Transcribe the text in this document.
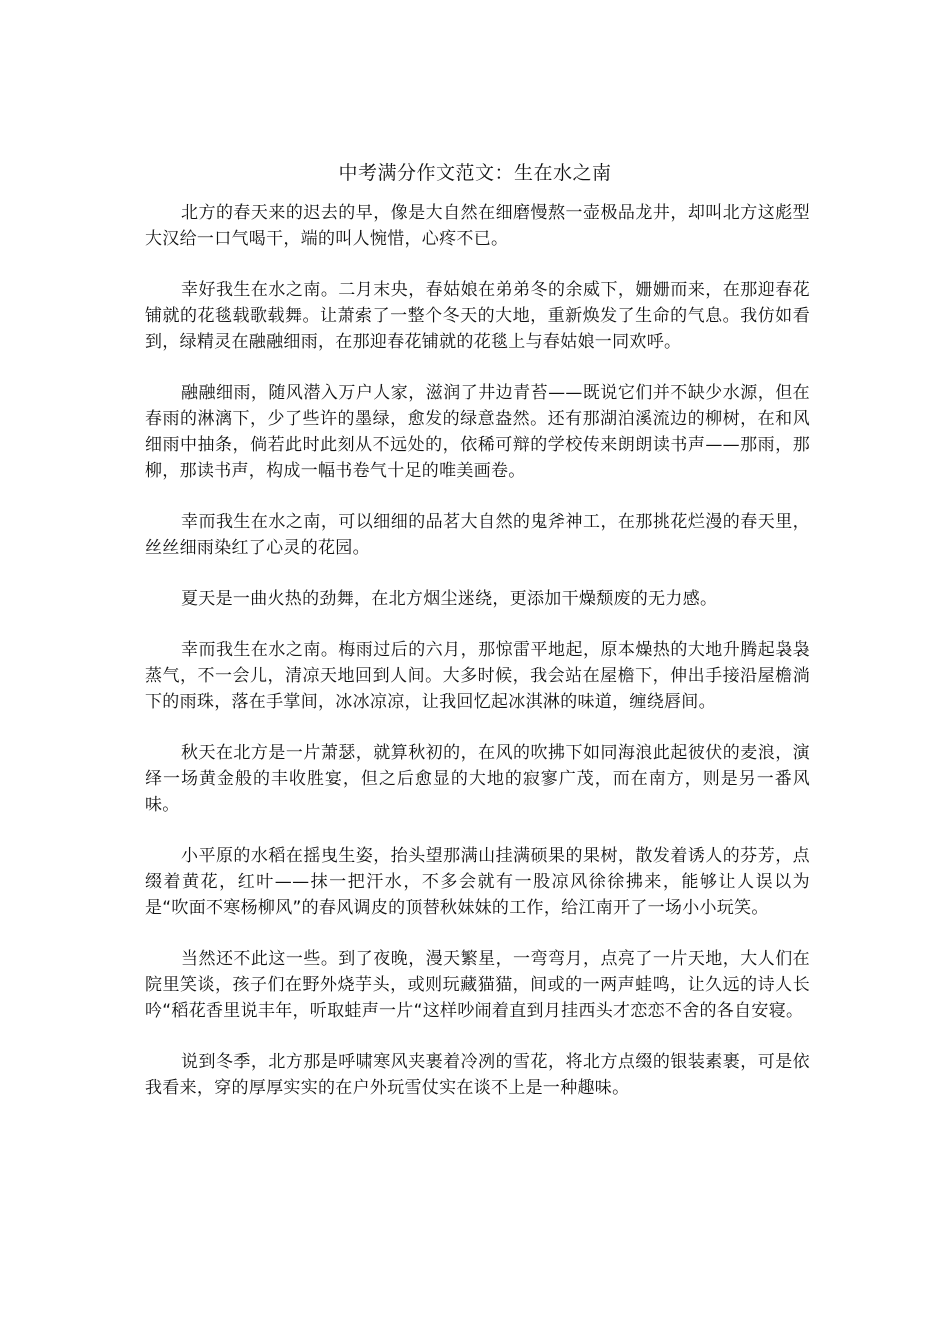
中考满分作文范文：生在水之南

北方的春天来的迟去的早，像是大自然在细磨慢熬一壶极品龙井，却叫北方这彪型大汉给一口气喝干，端的叫人惋惜，心疼不已。

幸好我生在水之南。二月末央，春姑娘在弟弟冬的余威下，姗姗而来，在那迎春花铺就的花毯载歌载舞。让萧索了一整个冬天的大地，重新焕发了生命的气息。我仿如看到，绿精灵在融融细雨，在那迎春花铺就的花毯上与春姑娘一同欢呼。

融融细雨，随风潜入万户人家，滋润了井边青苔——既说它们并不缺少水源，但在春雨的淋漓下，少了些许的墨绿，愈发的绿意盎然。还有那湖泊溪流边的柳树，在和风细雨中抽条，倘若此时此刻从不远处的，依稀可辩的学校传来朗朗读书声——那雨，那柳，那读书声，构成一幅书卷气十足的唯美画卷。

幸而我生在水之南，可以细细的品茗大自然的鬼斧神工，在那挑花烂漫的春天里，丝丝细雨染红了心灵的花园。

夏天是一曲火热的劲舞，在北方烟尘迷绕，更添加干燥颓废的无力感。

幸而我生在水之南。梅雨过后的六月，那惊雷平地起，原本燥热的大地升腾起袅袅蒸气，不一会儿，清凉天地回到人间。大多时候，我会站在屋檐下，伸出手接沿屋檐淌下的雨珠，落在手掌间，冰冰凉凉，让我回忆起冰淇淋的味道，缠绕唇间。

秋天在北方是一片萧瑟，就算秋初的，在风的吹拂下如同海浪此起彼伏的麦浪，演绎一场黄金般的丰收胜宴，但之后愈显的大地的寂寥广茂，而在南方，则是另一番风味。

小平原的水稻在摇曳生姿，抬头望那满山挂满硕果的果树，散发着诱人的芬芳，点缀着黄花，红叶——抹一把汗水，不多会就有一股凉风徐徐拂来，能够让人误以为是“吹面不寒杨柳风”的春风调皮的顶替秋妹妹的工作，给江南开了一场小小玩笑。

当然还不此这一些。到了夜晚，漫天繁星，一弯弯月，点亮了一片天地，大人们在院里笑谈，孩子们在野外烧芋头，或则玩藏猫猫，间或的一两声蛙鸣，让久远的诗人长吟“稻花香里说丰年，听取蛙声一片“这样吵闹着直到月挂西头才恋恋不舍的各自安寝。

说到冬季，北方那是呼啸寒风夹裹着冷冽的雪花，将北方点缀的银装素裹，可是依我看来，穿的厚厚实实的在户外玩雪仗实在谈不上是一种趣味。
